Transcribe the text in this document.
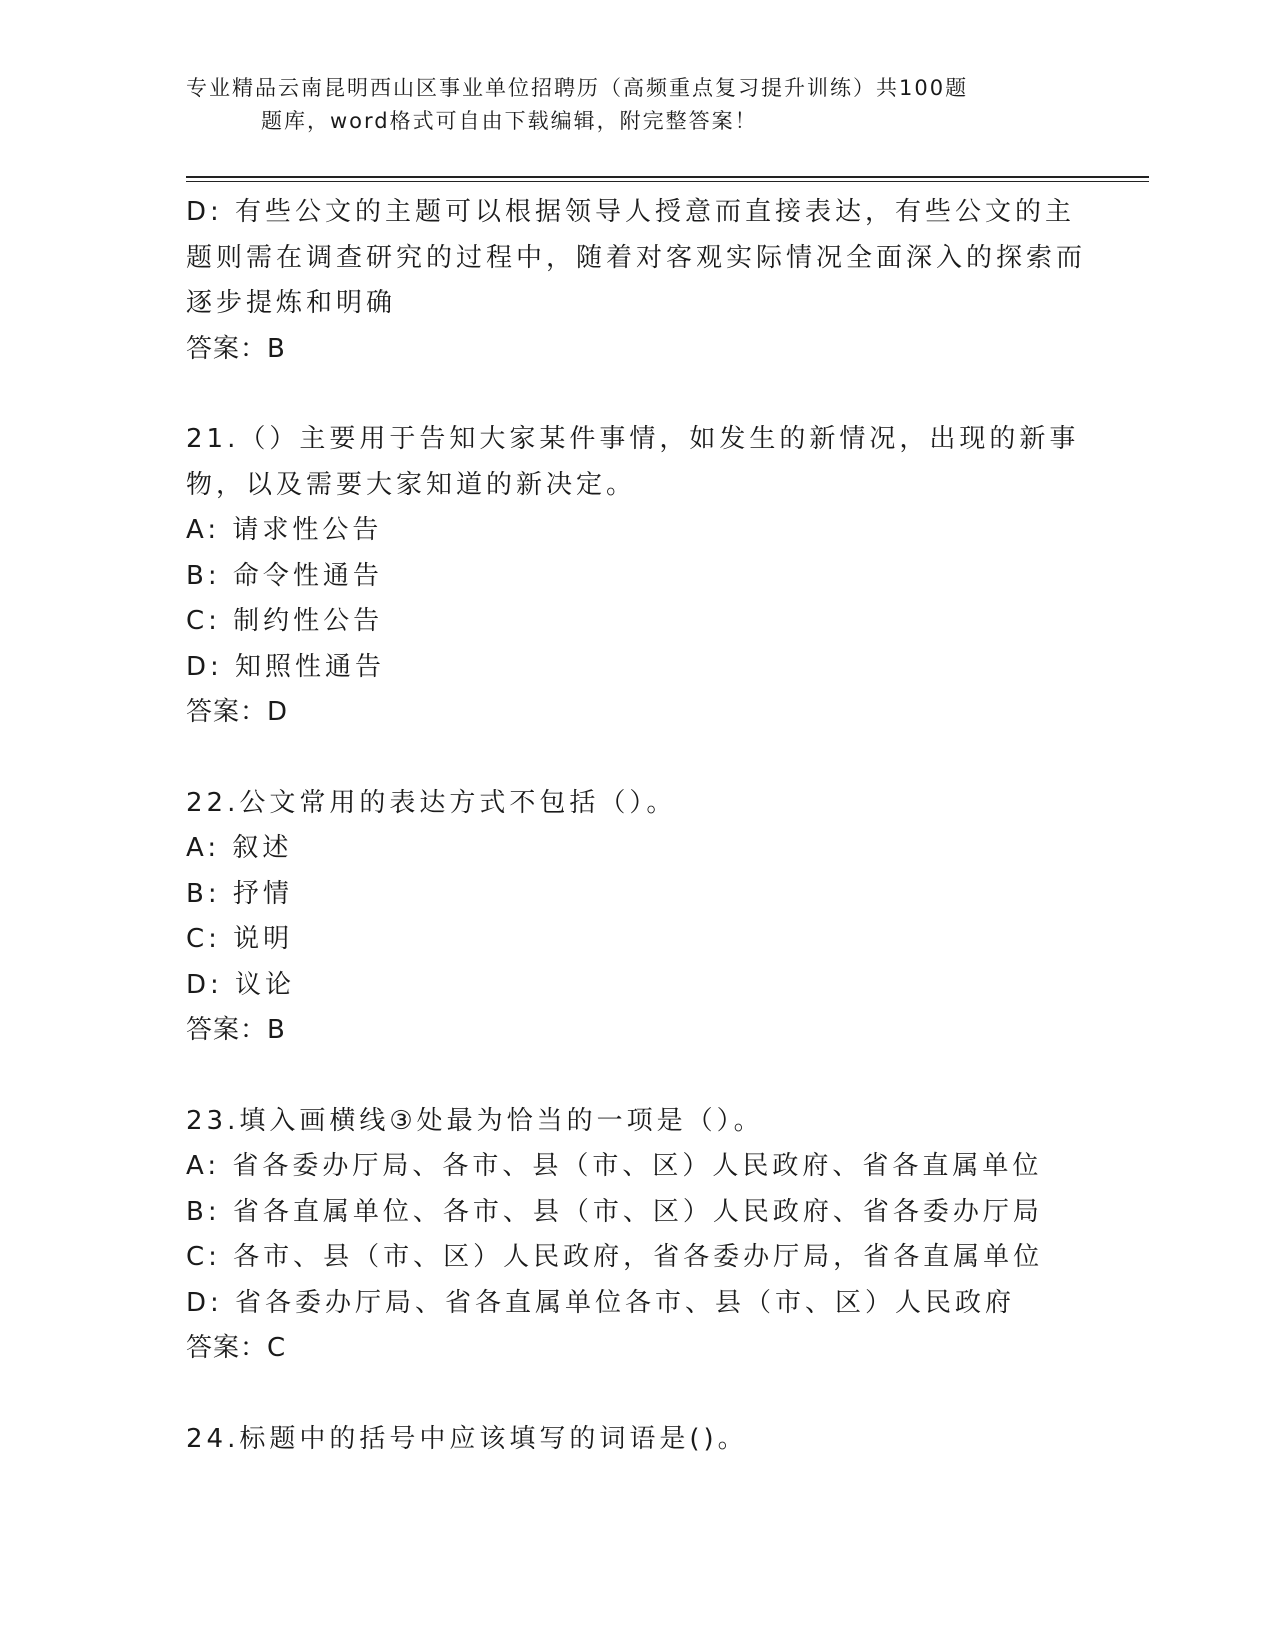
专业精品云南昆明西山区事业单位招聘历（高频重点复习提升训练）共100题
题库，word格式可自由下载编辑，附完整答案！

D: 有些公文的主题可以根据领导人授意而直接表达，有些公文的主题则需在调查研究的过程中，随着对客观实际情况全面深入的探索而逐步提炼和明确

答案：B

21.（）主要用于告知大家某件事情，如发生的新情况，出现的新事物，以及需要大家知道的新决定。

A: 请求性公告

B: 命令性通告

C: 制约性公告

D: 知照性通告

答案：D

22.公文常用的表达方式不包括（）。

A: 叙述

B: 抒情

C: 说明

D: 议论

答案：B

23.填入画横线③处最为恰当的一项是（）。

A: 省各委办厅局、各市、县（市、区）人民政府、省各直属单位

B: 省各直属单位、各市、县（市、区）人民政府、省各委办厅局

C: 各市、县（市、区）人民政府，省各委办厅局，省各直属单位

D: 省各委办厅局、省各直属单位各市、县（市、区）人民政府

答案：C

24.标题中的括号中应该填写的词语是()。
